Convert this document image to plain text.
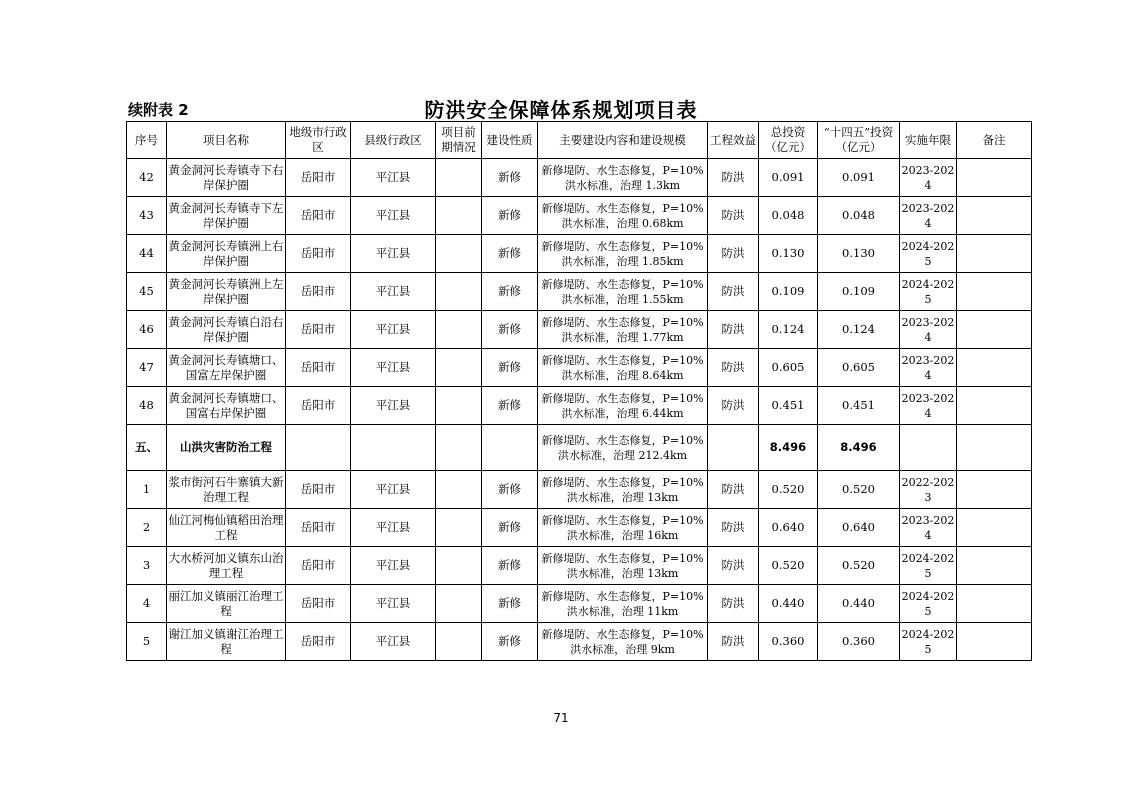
续附表 2	防洪安全保障体系规划项目表
序号	项目名称	地级市行政区	县级行政区	项目前期情况	建设性质	主要建设内容和建设规模	工程效益	总投资（亿元）	“十四五”投资（亿元）	实施年限	备注
42	黄金洞河长寿镇寺下右岸保护圈	岳阳市	平江县		新修	新修堤防、水生态修复，P=10%洪水标准，治理 1.3km	防洪	0.091	0.091	2023-2024	
43	黄金洞河长寿镇寺下左岸保护圈	岳阳市	平江县		新修	新修堤防、水生态修复，P=10%洪水标准，治理 0.68km	防洪	0.048	0.048	2023-2024	
44	黄金洞河长寿镇洲上右岸保护圈	岳阳市	平江县		新修	新修堤防、水生态修复，P=10%洪水标准，治理 1.85km	防洪	0.130	0.130	2024-2025	
45	黄金洞河长寿镇洲上左岸保护圈	岳阳市	平江县		新修	新修堤防、水生态修复，P=10%洪水标准，治理 1.55km	防洪	0.109	0.109	2024-2025	
46	黄金洞河长寿镇白沿右岸保护圈	岳阳市	平江县		新修	新修堤防、水生态修复，P=10%洪水标准，治理 1.77km	防洪	0.124	0.124	2023-2024	
47	黄金洞河长寿镇塘口、国富左岸保护圈	岳阳市	平江县		新修	新修堤防、水生态修复，P=10%洪水标准，治理 8.64km	防洪	0.605	0.605	2023-2024	
48	黄金洞河长寿镇塘口、国富右岸保护圈	岳阳市	平江县		新修	新修堤防、水生态修复，P=10%洪水标准，治理 6.44km	防洪	0.451	0.451	2023-2024	
五、	山洪灾害防治工程					新修堤防、水生态修复，P=10%洪水标准，治理 212.4km		8.496	8.496		
1	浆市街河石牛寨镇大新治理工程	岳阳市	平江县		新修	新修堤防、水生态修复，P=10%洪水标准，治理 13km	防洪	0.520	0.520	2022-2023	
2	仙江河梅仙镇稻田治理工程	岳阳市	平江县		新修	新修堤防、水生态修复，P=10%洪水标准，治理 16km	防洪	0.640	0.640	2023-2024	
3	大水桥河加义镇东山治理工程	岳阳市	平江县		新修	新修堤防、水生态修复，P=10%洪水标准，治理 13km	防洪	0.520	0.520	2024-2025	
4	丽江加义镇丽江治理工程	岳阳市	平江县		新修	新修堤防、水生态修复，P=10%洪水标准，治理 11km	防洪	0.440	0.440	2024-2025	
5	谢江加义镇谢江治理工程	岳阳市	平江县		新修	新修堤防、水生态修复，P=10%洪水标准，治理 9km	防洪	0.360	0.360	2024-2025	
71
